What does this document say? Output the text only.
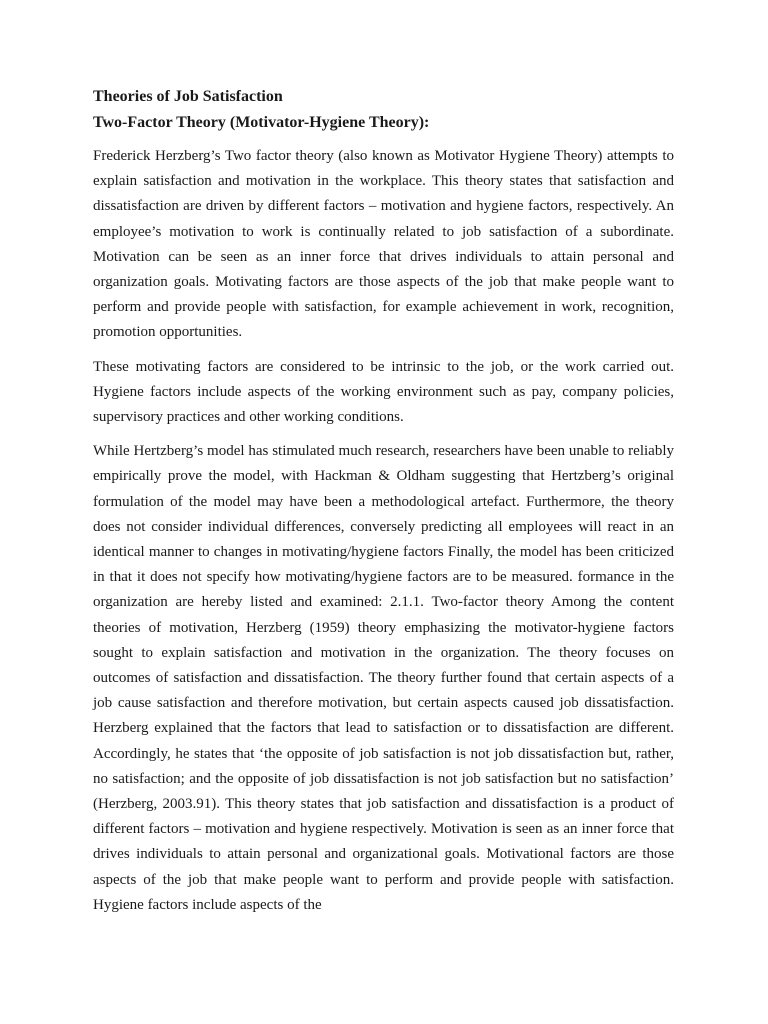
Theories of Job Satisfaction
Two-Factor Theory (Motivator-Hygiene Theory):

Frederick Herzberg’s Two factor theory (also known as Motivator Hygiene Theory) attempts to explain satisfaction and motivation in the workplace. This theory states that satisfaction and dissatisfaction are driven by different factors – motivation and hygiene factors, respectively. An employee’s motivation to work is continually related to job satisfaction of a subordinate. Motivation can be seen as an inner force that drives individuals to attain personal and organization goals. Motivating factors are those aspects of the job that make people want to perform and provide people with satisfaction, for example achievement in work, recognition, promotion opportunities.

These motivating factors are considered to be intrinsic to the job, or the work carried out. Hygiene factors include aspects of the working environment such as pay, company policies, supervisory practices and other working conditions.

While Hertzberg’s model has stimulated much research, researchers have been unable to reliably empirically prove the model, with Hackman & Oldham suggesting that Hertzberg’s original formulation of the model may have been a methodological artefact. Furthermore, the theory does not consider individual differences, conversely predicting all employees will react in an identical manner to changes in motivating/hygiene factors Finally, the model has been criticized in that it does not specify how motivating/hygiene factors are to be measured. formance in the organization are hereby listed and examined: 2.1.1. Two-factor theory Among the content theories of motivation, Herzberg (1959) theory emphasizing the motivator-hygiene factors sought to explain satisfaction and motivation in the organization. The theory focuses on outcomes of satisfaction and dissatisfaction. The theory further found that certain aspects of a job cause satisfaction and therefore motivation, but certain aspects caused job dissatisfaction. Herzberg explained that the factors that lead to satisfaction or to dissatisfaction are different. Accordingly, he states that ‘the opposite of job satisfaction is not job dissatisfaction but, rather, no satisfaction; and the opposite of job dissatisfaction is not job satisfaction but no satisfaction’ (Herzberg, 2003.91). This theory states that job satisfaction and dissatisfaction is a product of different factors – motivation and hygiene respectively. Motivation is seen as an inner force that drives individuals to attain personal and organizational goals. Motivational factors are those aspects of the job that make people want to perform and provide people with satisfaction. Hygiene factors include aspects of the
